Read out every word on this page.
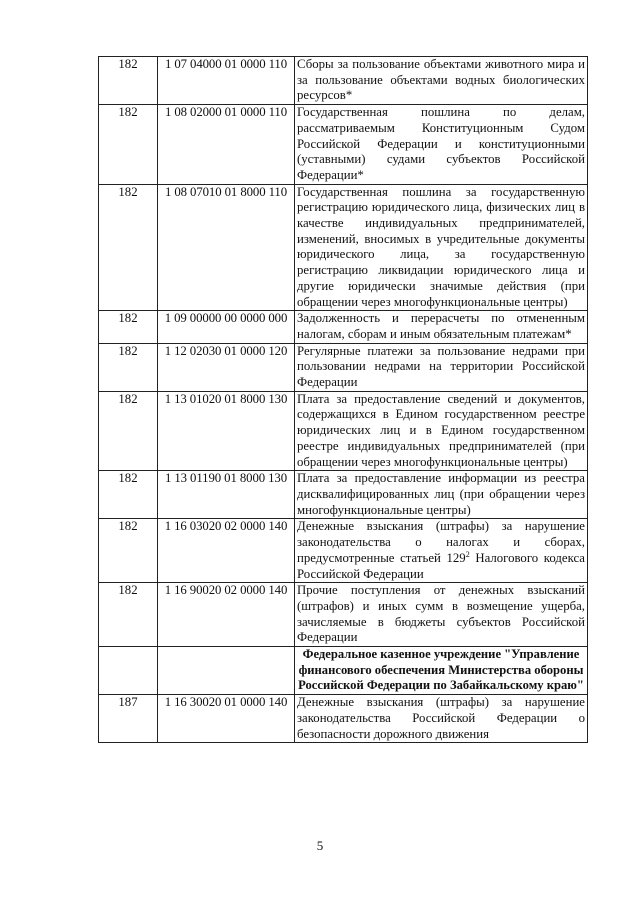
182	1 07 04000 01 0000 110	Сборы за пользование объектами животного мира и за пользование объектами водных биологических ресурсов*
182	1 08 02000 01 0000 110	Государственная пошлина по делам, рассматриваемым Конституционным Судом Российской Федерации и конституционными (уставными) судами субъектов Российской Федерации*
182	1 08 07010 01 8000 110	Государственная пошлина за государственную регистрацию юридического лица, физических лиц в качестве индивидуальных предпринимателей, изменений, вносимых в учредительные документы юридического лица, за государственную регистрацию ликвидации юридического лица и другие юридически значимые действия (при обращении через многофункциональные центры)
182	1 09 00000 00 0000 000	Задолженность и перерасчеты по отмененным налогам, сборам и иным обязательным платежам*
182	1 12 02030 01 0000 120	Регулярные платежи за пользование недрами при пользовании недрами на территории Российской Федерации
182	1 13 01020 01 8000 130	Плата за предоставление сведений и документов, содержащихся в Едином государственном реестре юридических лиц и в Едином государственном реестре индивидуальных предпринимателей (при обращении через многофункциональные центры)
182	1 13 01190 01 8000 130	Плата за предоставление информации из реестра дисквалифицированных лиц (при обращении через многофункциональные центры)
182	1 16 03020 02 0000 140	Денежные взыскания (штрафы) за нарушение законодательства о налогах и сборах, предусмотренные статьей $129^2$ Налогового кодекса Российской Федерации
182	1 16 90020 02 0000 140	Прочие поступления от денежных взысканий (штрафов) и иных сумм в возмещение ущерба, зачисляемые в бюджеты субъектов Российской Федерации
		Федеральное казенное учреждение "Управление финансового обеспечения Министерства обороны Российской Федерации по Забайкальскому краю"
187	1 16 30020 01 0000 140	Денежные взыскания (штрафы) за нарушение законодательства Российской Федерации о безопасности дорожного движения
5
